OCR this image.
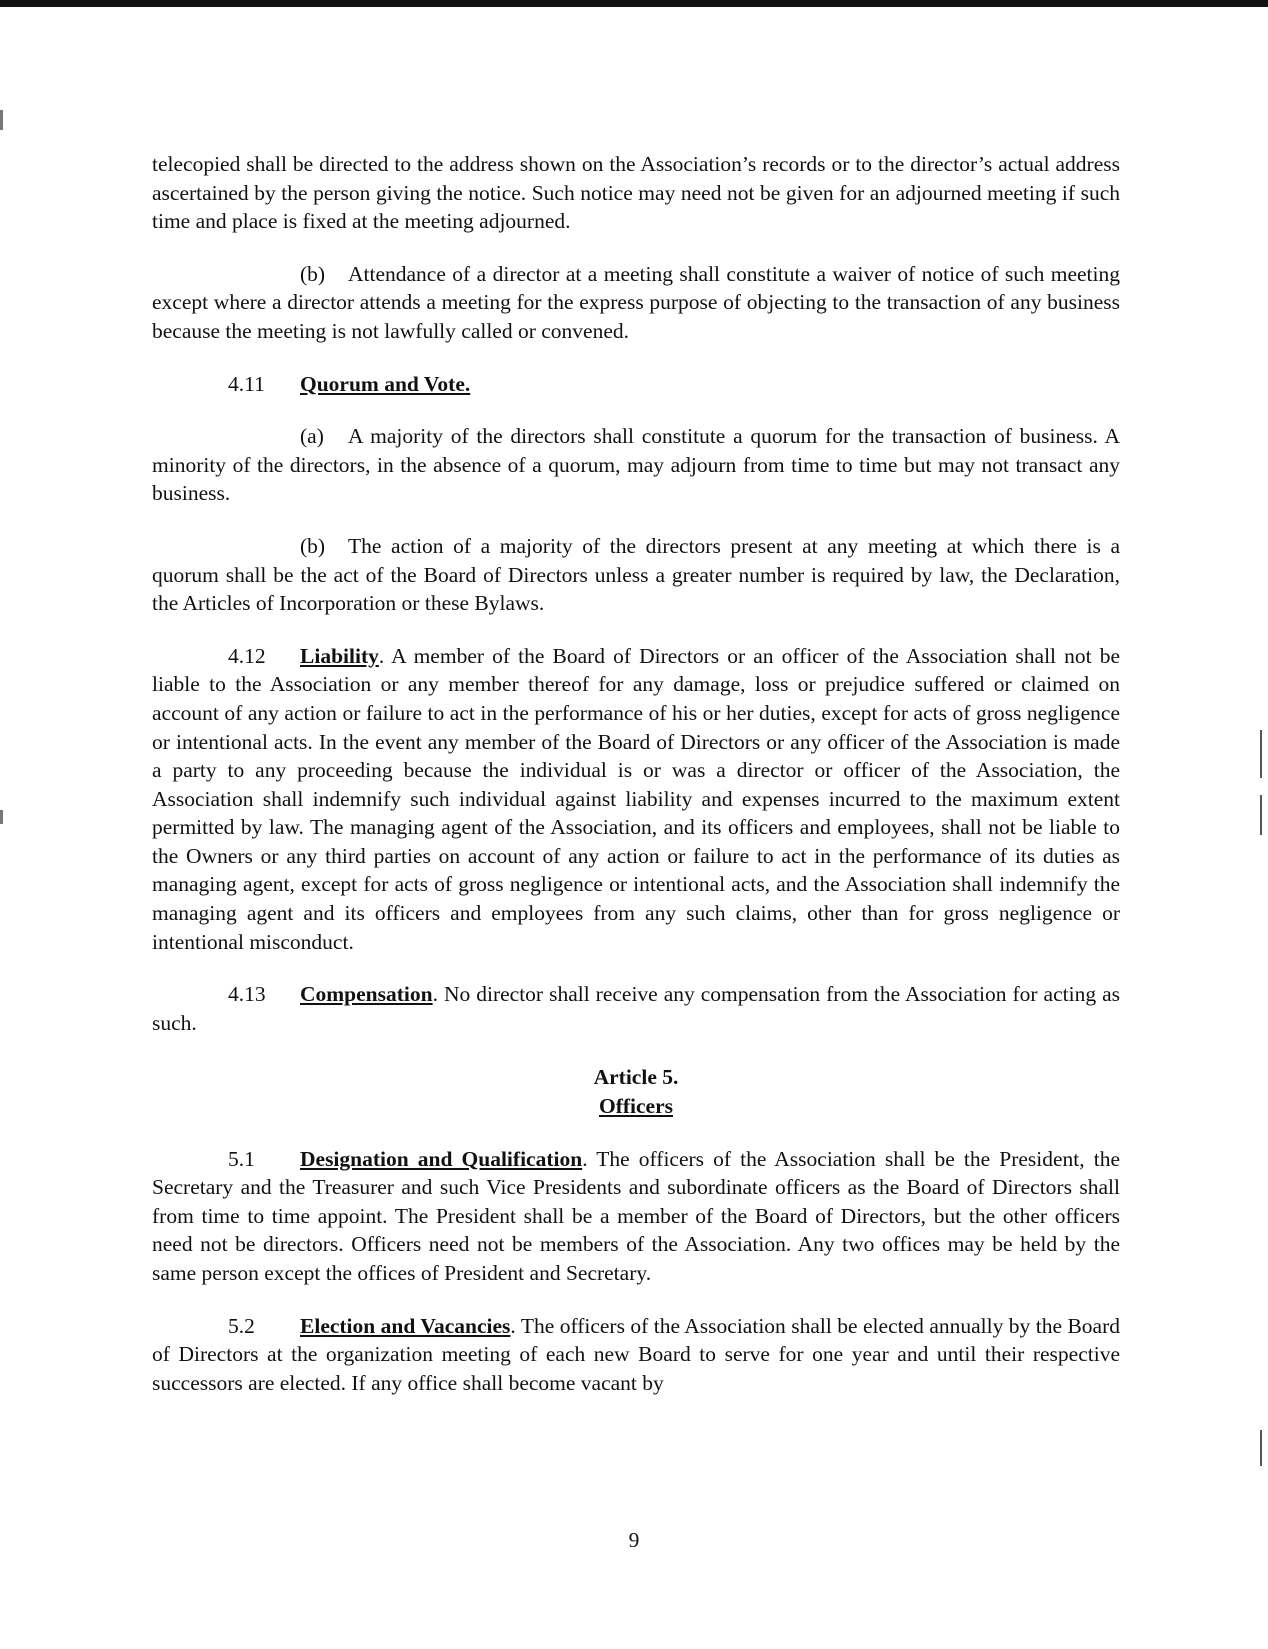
telecopied shall be directed to the address shown on the Association’s records or to the director’s actual address ascertained by the person giving the notice. Such notice may need not be given for an adjourned meeting if such time and place is fixed at the meeting adjourned.

(b) Attendance of a director at a meeting shall constitute a waiver of notice of such meeting except where a director attends a meeting for the express purpose of objecting to the transaction of any business because the meeting is not lawfully called or convened.

4.11 Quorum and Vote.

(a) A majority of the directors shall constitute a quorum for the transaction of business. A minority of the directors, in the absence of a quorum, may adjourn from time to time but may not transact any business.

(b) The action of a majority of the directors present at any meeting at which there is a quorum shall be the act of the Board of Directors unless a greater number is required by law, the Declaration, the Articles of Incorporation or these Bylaws.

4.12 Liability. A member of the Board of Directors or an officer of the Association shall not be liable to the Association or any member thereof for any damage, loss or prejudice suffered or claimed on account of any action or failure to act in the performance of his or her duties, except for acts of gross negligence or intentional acts. In the event any member of the Board of Directors or any officer of the Association is made a party to any proceeding because the individual is or was a director or officer of the Association, the Association shall indemnify such individual against liability and expenses incurred to the maximum extent permitted by law. The managing agent of the Association, and its officers and employees, shall not be liable to the Owners or any third parties on account of any action or failure to act in the performance of its duties as managing agent, except for acts of gross negligence or intentional acts, and the Association shall indemnify the managing agent and its officers and employees from any such claims, other than for gross negligence or intentional misconduct.

4.13 Compensation. No director shall receive any compensation from the Association for acting as such.

Article 5.
Officers

5.1 Designation and Qualification. The officers of the Association shall be the President, the Secretary and the Treasurer and such Vice Presidents and subordinate officers as the Board of Directors shall from time to time appoint. The President shall be a member of the Board of Directors, but the other officers need not be directors. Officers need not be members of the Association. Any two offices may be held by the same person except the offices of President and Secretary.

5.2 Election and Vacancies. The officers of the Association shall be elected annually by the Board of Directors at the organization meeting of each new Board to serve for one year and until their respective successors are elected. If any office shall become vacant by

9
